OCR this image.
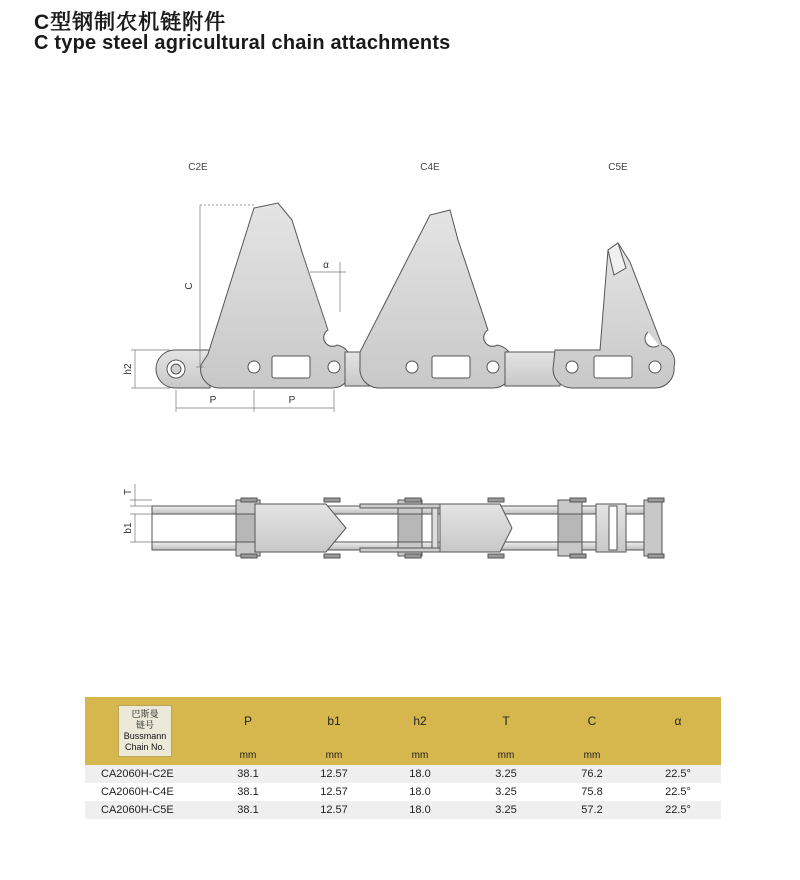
C型钢制农机链附件
C type steel agricultural chain attachments
C2E	C4E	C5E
C
α
h2
P	P
T
b1
巴斯曼
链号
Bussmann
Chain No.	P	b1	h2	T	C	α
	mm	mm	mm	mm	mm	
CA2060H-C2E	38.1	12.57	18.0	3.25	76.2	22.5°
CA2060H-C4E	38.1	12.57	18.0	3.25	75.8	22.5°
CA2060H-C5E	38.1	12.57	18.0	3.25	57.2	22.5°
